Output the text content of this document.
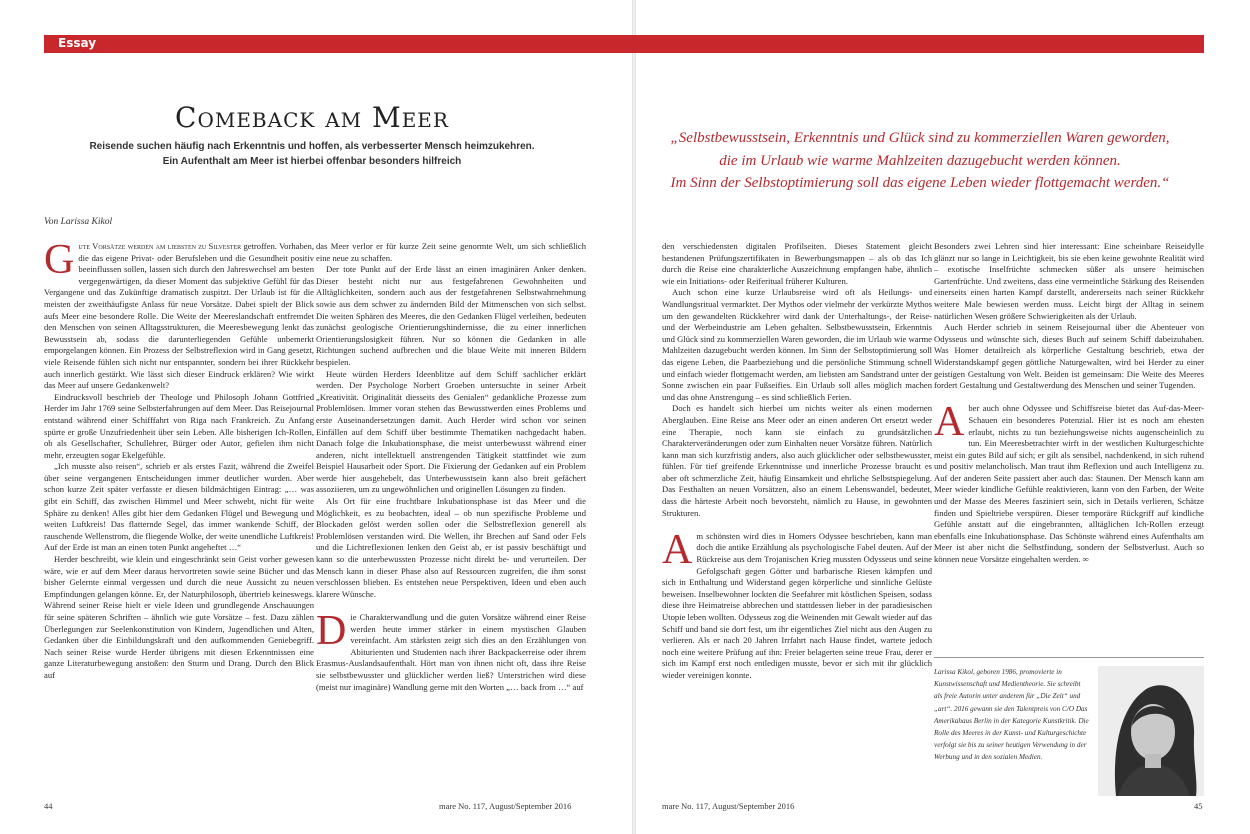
Essay
Comeback am Meer
Reisende suchen häufig nach Erkenntnis und hoffen, als verbesserter Mensch heimzukehren.
Ein Aufenthalt am Meer ist hierbei offenbar besonders hilfreich
Von Larissa Kikol
„Selbstbewusstsein, Erkenntnis und Glück sind zu kommerziellen Waren geworden,
die im Urlaub wie warme Mahlzeiten dazugebucht werden können.
Im Sinn der Selbstoptimierung soll das eigene Leben wieder flottgemacht werden.“

Gute Vorsätze werden am liebsten zu Silvester getroffen. Vorhaben, die das eigene Privat- oder Berufsleben und die Gesundheit positiv beeinflussen sollen, lassen sich durch den Jahreswechsel am besten vergegenwärtigen, da dieser Moment das subjektive Gefühl für das Vergangene und das Zukünftige dramatisch zuspitzt. Der Urlaub ist für die meisten der zweithäufigste Anlass für neue Vorsätze. Dabei spielt der Blick aufs Meer eine besondere Rolle. Die Weite der Meereslandschaft entfremdet den Menschen von seinen Alltagsstrukturen, die Meeresbewegung lenkt das Bewusstsein ab, sodass die darunterliegenden Gefühle unbemerkt emporgelangen können. Ein Prozess der Selbstreflexion wird in Gang gesetzt, viele Reisende fühlen sich nicht nur entspannter, sondern bei ihrer Rückkehr auch innerlich gestärkt. Wie lässt sich dieser Eindruck erklären? Wie wirkt das Meer auf unsere Gedankenwelt?

Eindrucksvoll beschrieb der Theologe und Philosoph Johann Gottfried Herder im Jahr 1769 seine Selbsterfahrungen auf dem Meer. Das Reisejournal entstand während einer Schifffahrt von Riga nach Frankreich. Zu Anfang spürte er große Unzufriedenheit über sein Leben. Alle bisherigen Ich-Rollen, ob als Gesellschafter, Schullehrer, Bürger oder Autor, gefielen ihm nicht mehr, erzeugten sogar Ekelgefühle.

„Ich musste also reisen“, schrieb er als erstes Fazit, während die Zweifel über seine vergangenen Entscheidungen immer deutlicher wurden. Aber schon kurze Zeit später verfasste er diesen bildmächtigen Eintrag: „… was gibt ein Schiff, das zwischen Himmel und Meer schwebt, nicht für weite Sphäre zu denken! Alles gibt hier dem Gedanken Flügel und Bewegung und weiten Luftkreis! Das flatternde Segel, das immer wankende Schiff, der rauschende Wellenstrom, die fliegende Wolke, der weite unendliche Luftkreis! Auf der Erde ist man an einen toten Punkt angeheftet …“

Herder beschreibt, wie klein und eingeschränkt sein Geist vorher gewesen wäre, wie er auf dem Meer daraus hervortreten sowie seine Bücher und das bisher Gelernte einmal vergessen und durch die neue Aussicht zu neuen Empfindungen gelangen könne. Er, der Naturphilosoph, übertrieb keineswegs. Während seiner Reise hielt er viele Ideen und grundlegende Anschauungen für seine späteren Schriften – ähnlich wie gute Vorsätze – fest. Dazu zählen Überlegungen zur Seelenkonstitution von Kindern, Jugendlichen und Alten, Gedanken über die Einbildungskraft und den aufkommenden Geniebegriff. Nach seiner Reise wurde Herder übrigens mit diesen Erkenntnissen eine ganze Literaturbewegung anstoßen: den Sturm und Drang. Durch den Blick auf

das Meer verlor er für kurze Zeit seine genormte Welt, um sich schließlich eine neue zu schaffen.

Der tote Punkt auf der Erde lässt an einen imaginären Anker denken. Dieser besteht nicht nur aus festgefahrenen Gewohnheiten und Alltäglichkeiten, sondern auch aus der festgefahrenen Selbstwahrnehmung sowie aus dem schwer zu ändernden Bild der Mitmenschen von sich selbst. Die weiten Sphären des Meeres, die den Gedanken Flügel verleihen, bedeuten zunächst geologische Orientierungshindernisse, die zu einer innerlichen Orientierungslosigkeit führen. Nur so können die Gedanken in alle Richtungen suchend aufbrechen und die blaue Weite mit inneren Bildern bespielen.

Heute würden Herders Ideenblitze auf dem Schiff sachlicher erklärt werden. Der Psychologe Norbert Groeben untersuchte in seiner Arbeit „Kreativität. Originalität diesseits des Genialen“ gedankliche Prozesse zum Problemlösen. Immer voran stehen das Bewusstwerden eines Problems und erste Auseinandersetzungen damit. Auch Herder wird schon vor seinen Einfällen auf dem Schiff über bestimmte Thematiken nachgedacht haben. Danach folge die Inkubationsphase, die meist unterbewusst während einer anderen, nicht intellektuell anstrengenden Tätigkeit stattfindet wie zum Beispiel Hausarbeit oder Sport. Die Fixierung der Gedanken auf ein Problem werde hier ausgehebelt, das Unterbewusstsein kann also breit gefächert assoziieren, um zu ungewöhnlichen und originellen Lösungen zu finden.

Als Ort für eine fruchtbare Inkubationsphase ist das Meer und die Möglichkeit, es zu beobachten, ideal – ob nun spezifische Probleme und Blockaden gelöst werden sollen oder die Selbstreflexion generell als Problemlösen verstanden wird. Die Wellen, ihr Brechen auf Sand oder Fels und die Lichtreflexionen lenken den Geist ab, er ist passiv beschäftigt und kann so die unterbewussten Prozesse nicht direkt be- und verurteilen. Der Mensch kann in dieser Phase also auf Ressourcen zugreifen, die ihm sonst verschlossen blieben. Es entstehen neue Perspektiven, Ideen und eben auch klarere Wünsche.

Die Charakterwandlung und die guten Vorsätze während einer Reise werden heute immer stärker in einem mystischen Glauben vereinfacht. Am stärksten zeigt sich dies an den Erzählungen von Abiturienten und Studenten nach ihrer Backpackerreise oder ihrem Erasmus-Auslandsaufenthalt. Hört man von ihnen nicht oft, dass ihre Reise sie selbstbewusster und glücklicher werden ließ? Unterstrichen wird diese (meist nur imaginäre) Wandlung gerne mit den Worten „… back from …“ auf

den verschiedensten digitalen Profilseiten. Dieses Statement gleicht bestandenen Prüfungszertifikaten in Bewerbungsmappen – als ob das Ich durch die Reise eine charakterliche Auszeichnung empfangen habe, ähnlich wie ein Initiations- oder Reiferitual früherer Kulturen.

Auch schon eine kurze Urlaubsreise wird oft als Heilungs- und Wandlungsritual vermarktet. Der Mythos oder vielmehr der verkürzte Mythos um den gewandelten Rückkehrer wird dank der Unterhaltungs-, der Reise- und der Werbeindustrie am Leben gehalten. Selbstbewusstsein, Erkenntnis und Glück sind zu kommerziellen Waren geworden, die im Urlaub wie warme Mahlzeiten dazugebucht werden können. Im Sinn der Selbstoptimierung soll das eigene Leben, die Paarbeziehung und die persönliche Stimmung schnell und einfach wieder flottgemacht werden, am liebsten am Sandstrand unter der Sonne zwischen ein paar Fußseifies. Ein Urlaub soll alles möglich machen und das ohne Anstrengung – es sind schließlich Ferien.

Doch es handelt sich hierbei um nichts weiter als einen modernen Aberglauben. Eine Reise ans Meer oder an einen anderen Ort ersetzt weder eine Therapie, noch kann sie einfach zu grundsätzlichen Charakterveränderungen oder zum Einhalten neuer Vorsätze führen. Natürlich kann man sich kurzfristig anders, also auch glücklicher oder selbstbewusster, fühlen. Für tief greifende Erkenntnisse und innerliche Prozesse braucht es aber oft schmerzliche Zeit, häufig Einsamkeit und ehrliche Selbstspiegelung. Das Festhalten an neuen Vorsätzen, also an einem Lebenswandel, bedeutet, dass die härteste Arbeit noch bevorsteht, nämlich zu Hause, in gewohnten Strukturen.

Am schönsten wird dies in Homers Odyssee beschrieben, kann man doch die antike Erzählung als psychologische Fabel deuten. Auf der Rückreise aus dem Trojanischen Krieg mussten Odysseus und seine Gefolgschaft gegen Götter und barbarische Riesen kämpfen und sich in Enthaltung und Widerstand gegen körperliche und sinnliche Gelüste beweisen. Inselbewohner lockten die Seefahrer mit köstlichen Speisen, sodass diese ihre Heimatreise abbrechen und stattdessen lieber in der paradiesischen Utopie leben wollten. Odysseus zog die Weinenden mit Gewalt wieder auf das Schiff und band sie dort fest, um ihr eigentliches Ziel nicht aus den Augen zu verlieren. Als er nach 20 Jahren Irrfahrt nach Hause findet, wartete jedoch noch eine weitere Prüfung auf ihn: Freier belagerten seine treue Frau, derer er sich im Kampf erst noch entledigen musste, bevor er sich mit ihr glücklich wieder vereinigen konnte.

Besonders zwei Lehren sind hier interessant: Eine scheinbare Reiseidylle glänzt nur so lange in Leichtigkeit, bis sie eben keine gewohnte Realität wird – exotische Inselfrüchte schmecken süßer als unsere heimischen Gartenfrüchte. Und zweitens, dass eine vermeintliche Stärkung des Reisenden einerseits einen harten Kampf darstellt, andererseits nach seiner Rückkehr weitere Male bewiesen werden muss. Leicht birgt der Alltag in seinem natürlichen Wesen größere Schwierigkeiten als der Urlaub.

Auch Herder schrieb in seinem Reisejournal über die Abenteuer von Odysseus und wünschte sich, dieses Buch auf seinem Schiff dabeizuhaben. Was Homer detailreich als körperliche Gestaltung beschrieb, etwa der Widerstandskampf gegen göttliche Naturgewalten, wird bei Herder zu einer geistigen Gestaltung von Welt. Beiden ist gemeinsam: Die Weite des Meeres fordert Gestaltung und Gestaltwerdung des Menschen und seiner Tugenden.

Aber auch ohne Odyssee und Schiffsreise bietet das Auf-das-Meer-Schauen ein besonderes Potenzial. Hier ist es noch am ehesten erlaubt, nichts zu tun beziehungsweise nichts augenscheinlich zu tun. Ein Meeresbetrachter wirft in der westlichen Kulturgeschichte meist ein gutes Bild auf sich; er gilt als sensibel, nachdenkend, in sich ruhend und positiv melancholisch. Man traut ihm Reflexion und auch Intelligenz zu. Auf der anderen Seite passiert aber auch das: Staunen. Der Mensch kann am Meer wieder kindliche Gefühle reaktivieren, kann von den Farben, der Weite und der Masse des Meeres fasziniert sein, sich in Details verlieren, Schätze finden und Spieltriebe verspüren. Dieser temporäre Rückgriff auf kindliche Gefühle anstatt auf die eingebrannten, alltäglichen Ich-Rollen erzeugt ebenfalls eine Inkubationsphase. Das Schönste während eines Aufenthalts am Meer ist aber nicht die Selbstfindung, sondern der Selbstverlust. Auch so können neue Vorsätze eingehalten werden. ∞

Larissa Kikol, geboren 1986, promovierte in Kunstwissenschaft und Medientheorie. Sie schreibt als freie Autorin unter anderem für „Die Zeit“ und „art“. 2016 gewann sie den Talentpreis von C/O Das Amerikahaus Berlin in der Kategorie Kunstkritik. Die Rolle des Meeres in der Kunst- und Kulturgeschichte verfolgt sie bis zu seiner heutigen Verwendung in der Werbung und in den sozialen Medien.
44	mare No. 117, August/September 2016	mare No. 117, August/September 2016	45
